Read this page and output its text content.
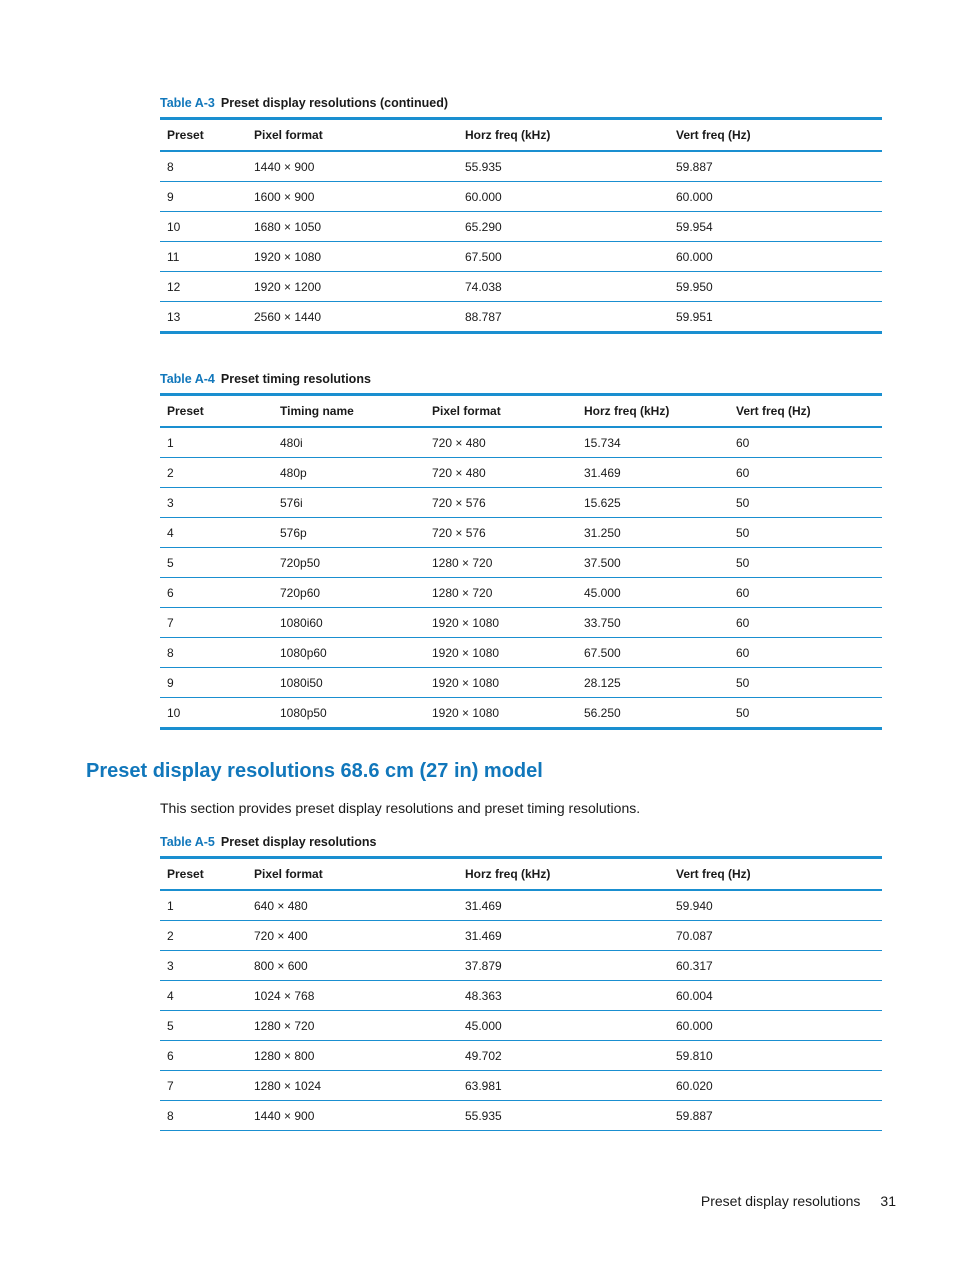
Table A-3 Preset display resolutions (continued)

Preset	Pixel format	Horz freq (kHz)	Vert freq (Hz)
8	1440 × 900	55.935	59.887
9	1600 × 900	60.000	60.000
10	1680 × 1050	65.290	59.954
11	1920 × 1080	67.500	60.000
12	1920 × 1200	74.038	59.950
13	2560 × 1440	88.787	59.951

Table A-4 Preset timing resolutions

Preset	Timing name	Pixel format	Horz freq (kHz)	Vert freq (Hz)
1	480i	720 × 480	15.734	60
2	480p	720 × 480	31.469	60
3	576i	720 × 576	15.625	50
4	576p	720 × 576	31.250	50
5	720p50	1280 × 720	37.500	50
6	720p60	1280 × 720	45.000	60
7	1080i60	1920 × 1080	33.750	60
8	1080p60	1920 × 1080	67.500	60
9	1080i50	1920 × 1080	28.125	50
10	1080p50	1920 × 1080	56.250	50
Preset display resolutions 68.6 cm (27 in) model

This section provides preset display resolutions and preset timing resolutions.

Table A-5 Preset display resolutions

Preset	Pixel format	Horz freq (kHz)	Vert freq (Hz)
1	640 × 480	31.469	59.940
2	720 × 400	31.469	70.087
3	800 × 600	37.879	60.317
4	1024 × 768	48.363	60.004
5	1280 × 720	45.000	60.000
6	1280 × 800	49.702	59.810
7	1280 × 1024	63.981	60.020
8	1440 × 900	55.935	59.887
Preset display resolutions 31
